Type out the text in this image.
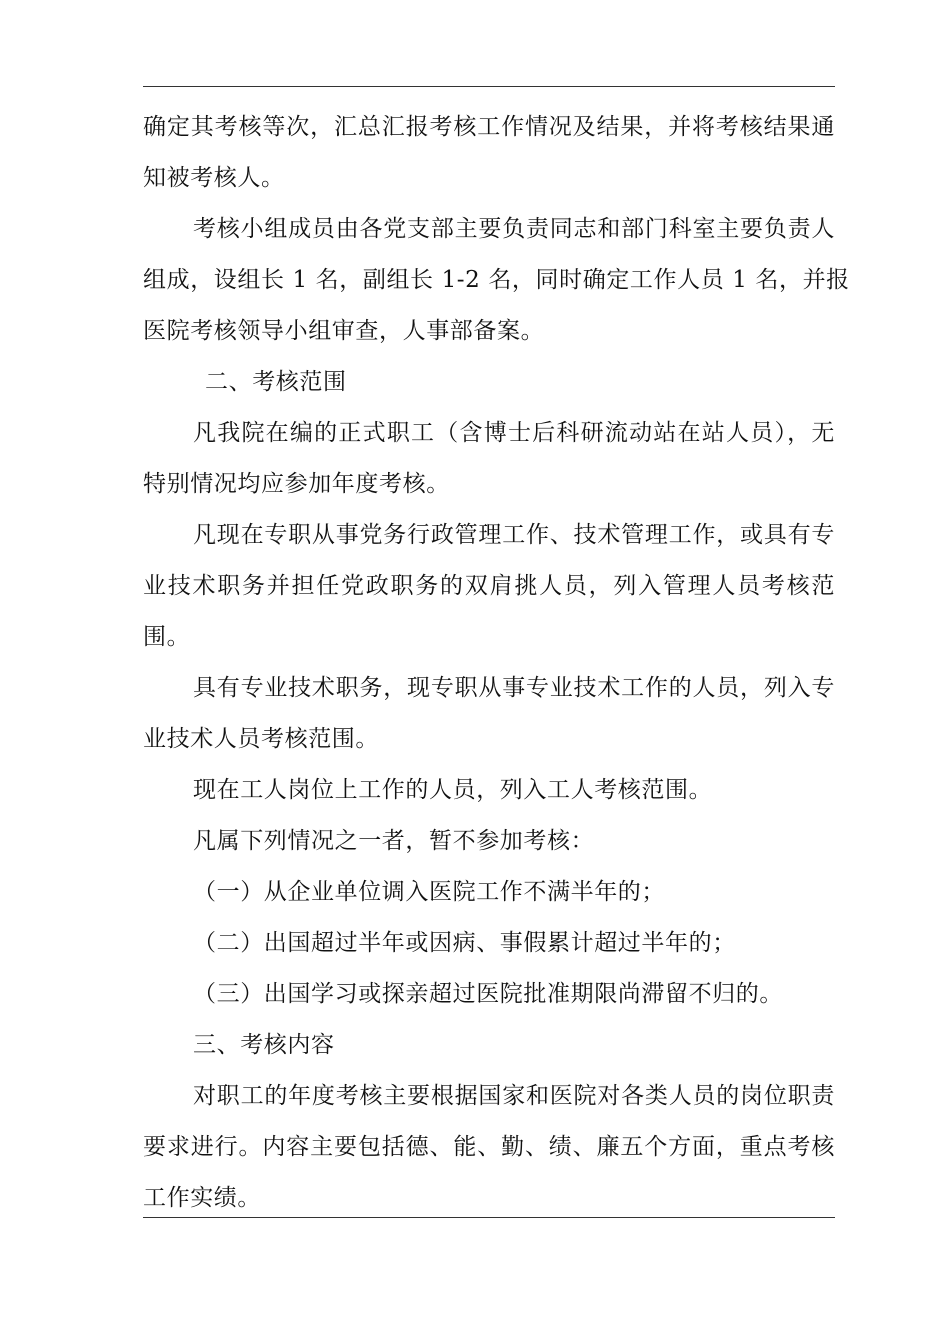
确定其考核等次，汇总汇报考核工作情况及结果，并将考核结果通
知被考核人。
考核小组成员由各党支部主要负责同志和部门科室主要负责人
组成，设组长 1 名，副组长 1-2 名，同时确定工作人员 1 名，并报
医院考核领导小组审查，人事部备案。
二、考核范围
凡我院在编的正式职工（含博士后科研流动站在站人员），无
特别情况均应参加年度考核。
凡现在专职从事党务行政管理工作、技术管理工作，或具有专
业技术职务并担任党政职务的双肩挑人员，列入管理人员考核范
围。
具有专业技术职务，现专职从事专业技术工作的人员，列入专
业技术人员考核范围。
现在工人岗位上工作的人员，列入工人考核范围。
凡属下列情况之一者，暂不参加考核：
（一）从企业单位调入医院工作不满半年的；
（二）出国超过半年或因病、事假累计超过半年的；
（三）出国学习或探亲超过医院批准期限尚滞留不归的。
三、考核内容
对职工的年度考核主要根据国家和医院对各类人员的岗位职责
要求进行。内容主要包括德、能、勤、绩、廉五个方面，重点考核
工作实绩。
